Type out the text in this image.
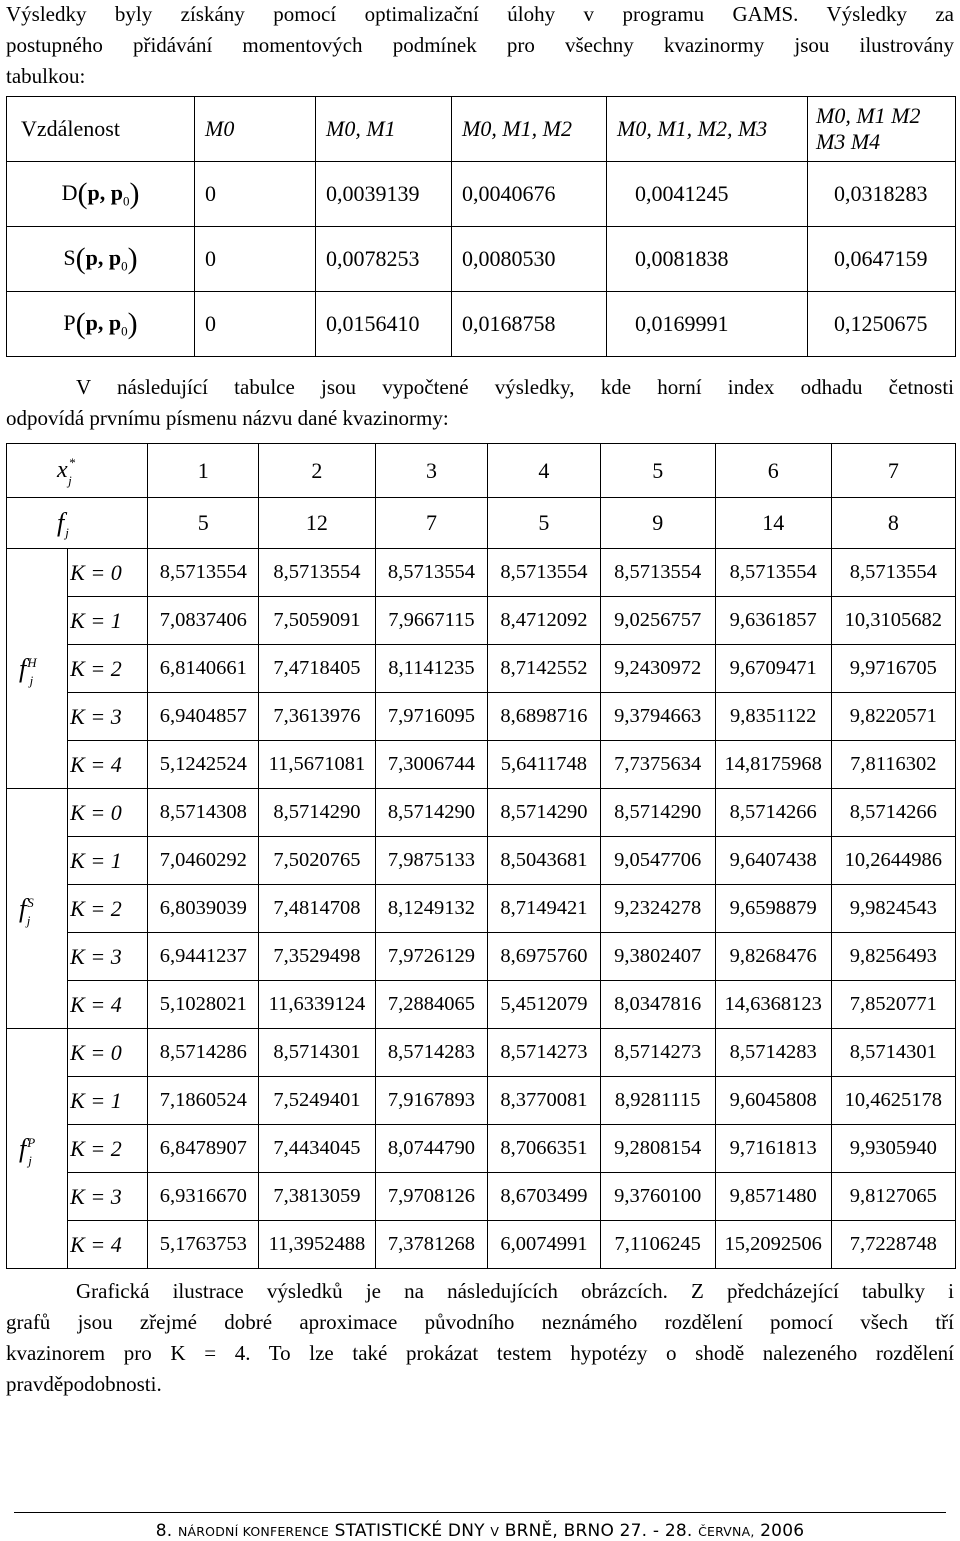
Výsledky byly získány pomocí optimalizační úlohy v programu GAMS. Výsledky za
postupného přidávání momentových podmínek pro všechny kvazinormy jsou ilustrovány
tabulkou:
Vzdálenost	M0	M0, M1	M0, M1, M2	M0, M1, M2, M3	M0, M1 M2 M3 M4
D(p, $p_0$)	0	0,0039139	0,0040676	0,0041245	0,0318283
S(p, $p_0$)	0	0,0078253	0,0080530	0,0081838	0,0647159
P(p, $p_0$)	0	0,0156410	0,0168758	0,0169991	0,1250675
V následující tabulce jsou vypočtené výsledky, kde horní index odhadu četnosti
odpovídá prvnímu písmenu názvu dané kvazinormy:
$x^*_j$		1	2	3	4	5	6	7
$f_j$		5	12	7	5	9	14	8
$f^H_j$	K = 0	8,5713554	8,5713554	8,5713554	8,5713554	8,5713554	8,5713554	8,5713554
	K = 1	7,0837406	7,5059091	7,9667115	8,4712092	9,0256757	9,6361857	10,3105682
	K = 2	6,8140661	7,4718405	8,1141235	8,7142552	9,2430972	9,6709471	9,9716705
	K = 3	6,9404857	7,3613976	7,9716095	8,6898716	9,3794663	9,8351122	9,8220571
	K = 4	5,1242524	11,5671081	7,3006744	5,6411748	7,7375634	14,8175968	7,8116302
$f^S_j$	K = 0	8,5714308	8,5714290	8,5714290	8,5714290	8,5714290	8,5714266	8,5714266
	K = 1	7,0460292	7,5020765	7,9875133	8,5043681	9,0547706	9,6407438	10,2644986
	K = 2	6,8039039	7,4814708	8,1249132	8,7149421	9,2324278	9,6598879	9,9824543
	K = 3	6,9441237	7,3529498	7,9726129	8,6975760	9,3802407	9,8268476	9,8256493
	K = 4	5,1028021	11,6339124	7,2884065	5,4512079	8,0347816	14,6368123	7,8520771
$f^P_j$	K = 0	8,5714286	8,5714301	8,5714283	8,5714273	8,5714273	8,5714283	8,5714301
	K = 1	7,1860524	7,5249401	7,9167893	8,3770081	8,9281115	9,6045808	10,4625178
	K = 2	6,8478907	7,4434045	8,0744790	8,7066351	9,2808154	9,7161813	9,9305940
	K = 3	6,9316670	7,3813059	7,9708126	8,6703499	9,3760100	9,8571480	9,8127065
	K = 4	5,1763753	11,3952488	7,3781268	6,0074991	7,1106245	15,2092506	7,7228748
8. NÁRODNÍ KONFERENCE STATISTICKÉ DNY V BRNĚ, BRNO 27. - 28. ČERVNA, 2006
Grafická ilustrace výsledků je na následujících obrázcích. Z předcházející tabulky i
grafů jsou zřejmé dobré aproximace původního neznámého rozdělení pomocí všech tří
kvazinorem pro K = 4. To lze také prokázat testem hypotézy o shodě nalezeného rozdělení
pravděpodobnosti.
